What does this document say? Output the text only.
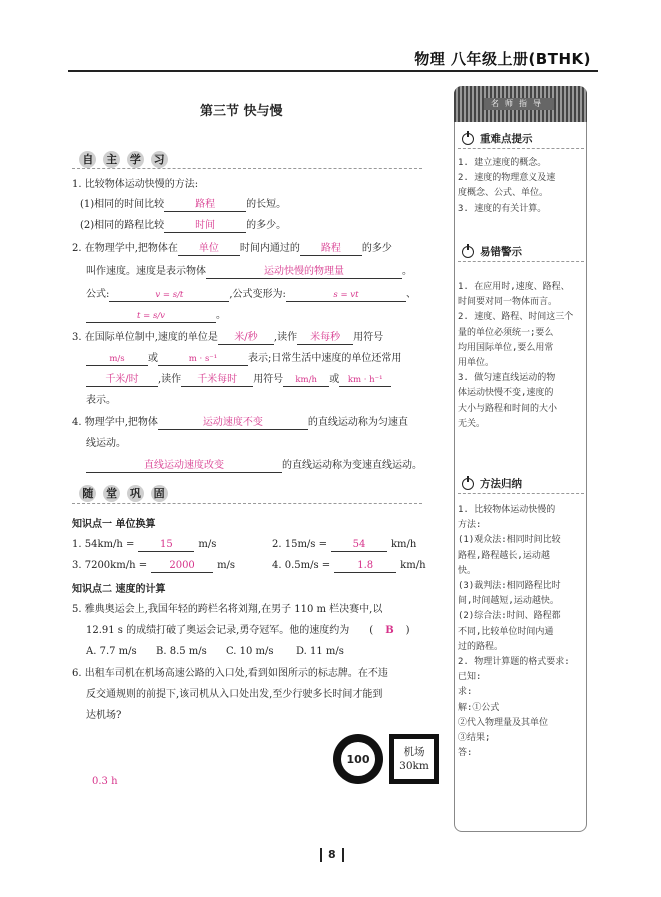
物理 八年级上册(BTHK)
第三节 快与慢
自 主 学 习
1. 比较物体运动快慢的方法:
(1)相同的时间比较	路程	的长短。
(2)相同的路程比较	时间	的多少。
2. 在物理学中,把物体在 单位 时间内通过的 路程 的多少
叫作速度。速度是表示物体	运动快慢的物理量	。
公式:	v = s/t	,公式变形为:	s = vt	、
t = s/v	。
3. 在国际单位制中,速度的单位是 米/秒 ,读作 米每秒 用符号
m/s 或	m · s⁻¹	表示;日常生活中速度的单位还常用
千米/时 ,读作 千米每时 用符号 km/h 或 km · h⁻¹
表示。
4. 物理学中,把物体	运动速度不变	的直线运动称为匀速直
线运动。
直线运动速度改变	的直线运动称为变速直线运动。
随 堂 巩 固
知识点一 单位换算
1. 54km/h =	15	m/s	2. 15m/s =	54	km/h
3. 7200km/h = 2000 m/s	4. 0.5m/s =	1.8	km/h
知识点二 速度的计算
5. 雅典奥运会上,我国年轻的跨栏名将刘翔,在男子 110 m 栏决赛中,以
12.91 s 的成绩打破了奥运会记录,勇夺冠军。他的速度约为 ( B )
A. 7.7 m/s B. 8.5 m/s C. 10 m/s D. 11 m/s
6. 出租车司机在机场高速公路的入口处,看到如图所示的标志牌。在不违
反交通规则的前提下,该司机从入口处出发,至少行驶多长时间才能到
达机场?
100
机场
30km
0.3 h
名师指导
重难点提示
1. 建立速度的概念。
2. 速度的物理意义及速
度概念、公式、单位。
3. 速度的有关计算。
易错警示
1. 在应用时,速度、路程、
时间要对同一物体而言。
2. 速度、路程、时间这三个
量的单位必须统一;要么
均用国际单位,要么用常
用单位。
3. 做匀速直线运动的物
体运动快慢不变,速度的
大小与路程和时间的大小
无关。
方法归纳
1. 比较物体运动快慢的
方法:
(1)观众法:相同时间比较
路程,路程越长,运动越
快。
(3)裁判法:相同路程比时
间,时间越短,运动越快。
(2)综合法:时间、路程都
不同,比较单位时间内通
过的路程。
2. 物理计算题的格式要求:
已知:
求:
解:①公式
②代入物理量及其单位
③结果;
答:
8
